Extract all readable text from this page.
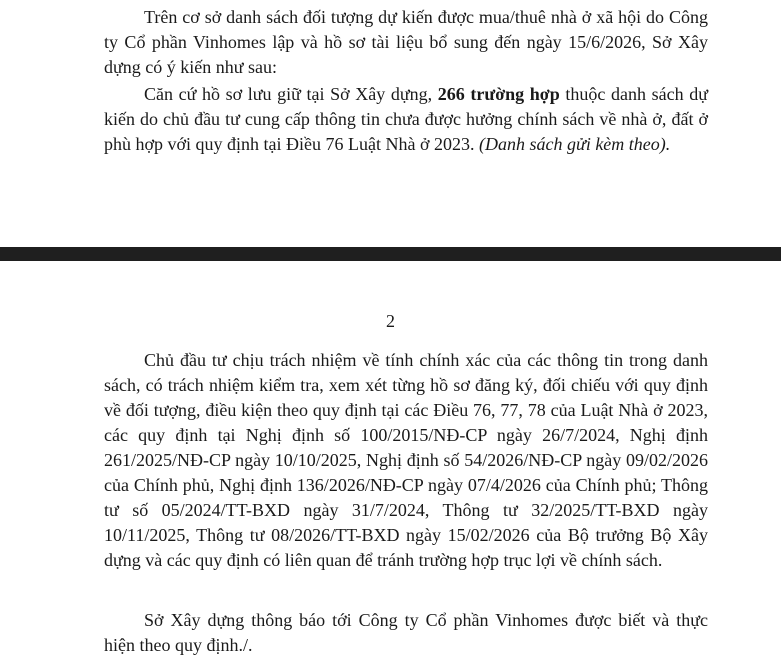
Trên cơ sở danh sách đối tượng dự kiến được mua/thuê nhà ở xã hội do Công ty Cổ phần Vinhomes lập và hồ sơ tài liệu bổ sung đến ngày 15/6/2026, Sở Xây dựng có ý kiến như sau:

Căn cứ hồ sơ lưu giữ tại Sở Xây dựng, 266 trường hợp thuộc danh sách dự kiến do chủ đầu tư cung cấp thông tin chưa được hưởng chính sách về nhà ở, đất ở phù hợp với quy định tại Điều 76 Luật Nhà ở 2023. (Danh sách gửi kèm theo).

2

Chủ đầu tư chịu trách nhiệm về tính chính xác của các thông tin trong danh sách, có trách nhiệm kiểm tra, xem xét từng hồ sơ đăng ký, đối chiếu với quy định về đối tượng, điều kiện theo quy định tại các Điều 76, 77, 78 của Luật Nhà ở 2023, các quy định tại Nghị định số 100/2015/NĐ-CP ngày 26/7/2024, Nghị định 261/2025/NĐ-CP ngày 10/10/2025, Nghị định số 54/2026/NĐ-CP ngày 09/02/2026 của Chính phủ, Nghị định 136/2026/NĐ-CP ngày 07/4/2026 của Chính phủ; Thông tư số 05/2024/TT-BXD ngày 31/7/2024, Thông tư 32/2025/TT-BXD ngày 10/11/2025, Thông tư 08/2026/TT-BXD ngày 15/02/2026 của Bộ trưởng Bộ Xây dựng và các quy định có liên quan để tránh trường hợp trục lợi về chính sách.

Sở Xây dựng thông báo tới Công ty Cổ phần Vinhomes được biết và thực hiện theo quy định./.
